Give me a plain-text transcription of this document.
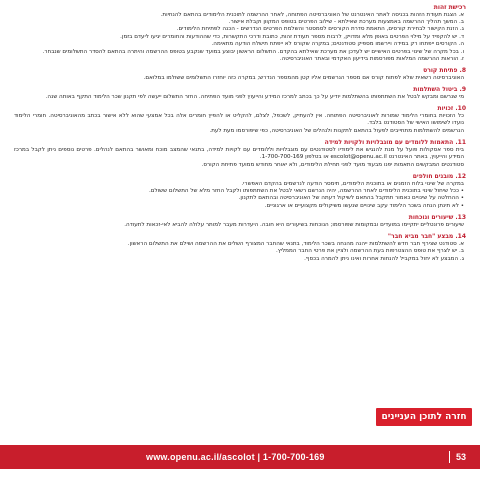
רכישת זהות

א. הצגת תעודת הזהות בכניסה לאתר האינטרנט של האוניברסיטה הפתוחה, לאחר ההרשמה לתוכנית הלימודים בהתאם להנחיות.

ב. המשך תהליך ההרשמה באמצעות מערכת שאילתא - שילוב הפרטים בטופס המקוון וקבלת אישור.

ג. הזנת הקישור לבחירת קורסים, התאמת סדרת הקורסים לסמסטר והשלמת הפרטים הנדרשים - הכנה לפתיחת הלימודים.

ד. יש להקפיד על מילוי הפרטים באופן מלא ומדויק, לרבות מספר תעודת זהות, כתובת ודרכי התקשרות, כדי שההודעות והחומרים יגיעו ליעדם בזמן.

ה. הקורסים ייפתחו רק במידה ויירשמו מספיק סטודנטים; במקרה שקורס לא ייפתח תישלח הודעה מתאימה.

ו. בכל מקרה של שינוי בפרטים האישיים יש לעדכן את מערכת שאילתא בהקדם. התשלום הראשון יבוצע במועד שנקבע בטופס ההרשמה והיתרה בהתאם להסדר התשלומים שנבחר.

ז. הוראות ההרשמה המלאות מפורסמות בידיעון האקדמי ובאתר האוניברסיטה.

8. פתיחת קורס

האוניברסיטה רשאית שלא לפתוח קורס אם מספר הנרשמים אליו קטן מהמספר הנדרש; במקרה כזה יוחזרו התשלומים ששולמו במלואם.

9. ביטול השתלמות

מי שנרשם ומבקש לבטל את השתתפותו בהשתלמות יודיע על כך בכתב למרכז המידע והייעוץ לפני מועד הפתיחה. החזר התשלום ייעשה לפי תקנון שכר הלימוד התקף באותה שנה.

10. זכויות

כל הזכויות בחומרי הלימוד שמורות לאוניברסיטה הפתוחה. אין להעתיק, לשכפל, לצלם, להקליט או להפיץ חומרים אלה בכל אמצעי שהוא ללא אישור בכתב מהאוניברסיטה. חומרי הלימוד נועדו לשימושו האישי של הסטודנט בלבד.

הנרשמים להשתלמות מתחייבים לפעול בהתאם לתקנות ולנהלים של האוניברסיטה, כפי שיפורסמו מעת לעת.

11. התאמות ללומדים עם מוגבלויות ולקויות למידה

בית ספר אסקולות פועל על מנת להנגיש את לימודיו לסטודנטים עם מוגבלויות וללומדים עם לקויות למידה, בתנאי שהמצב מוכח ומאושר בהתאם לנהלים. פרטים נוספים ניתן לקבל במרכז המידע והייעוץ, באתר האינטרנט escolot@openu.ac.il או בטלפון 1-700-700-169.

סטודנטים המבקשים התאמות יפנו מבעוד מועד לפני תחילת הלימודים, ולא יאוחר מחודש ממועד פתיחת הקורס.

12. מובנים חולפים

במקרה של שינוי בלוח הזמנים או בתוכנית הלימודים, תימסר הודעה לנרשמים בהקדם האפשרי.

• ככל שיחול שינוי בתוכנית הלימודים לאחר ההרשמה, יהיה הנרשם רשאי לבטל את השתתפותו ולקבל החזר מלא של התשלום ששולם.

• ההחלטה על שינויים כאמור תתקבל בהתאם לשיקול דעתה של האוניברסיטה ובהתאם לתקנון.

• לא תינתן הנחה בשכר הלימוד עקב שינויים שנעשו משיקולים מקצועיים או ארגוניים.

13. שיעורים ונוכחות

שיעורים פרונטליים יתקיימו במועדים ובמקומות שפורסמו; הנוכחות בשיעורים היא חובה. היעדרות מעבר למותר עלולה להביא לאי-זכאות לתעודה.

14. מבצע "חבר מביא חבר"

א. סטודנט שצירף חבר חדש להשתלמות ייהנה מהנחה בשכר הלימוד, בתנאי שהחבר המצורף השלים את ההרשמה ושילם את התשלום הראשון.

ב. יש לצרף את טופס ההצטרפות בעת ההרשמה ולציין את פרטי החבר הממליץ.

ג. המבצע לא יחול במקביל להנחות אחרות ואינו ניתן להמרה בכסף.

חזרה לתוכן העניינים
www.openu.ac.il/ascolot | 1-700-700-169	53
